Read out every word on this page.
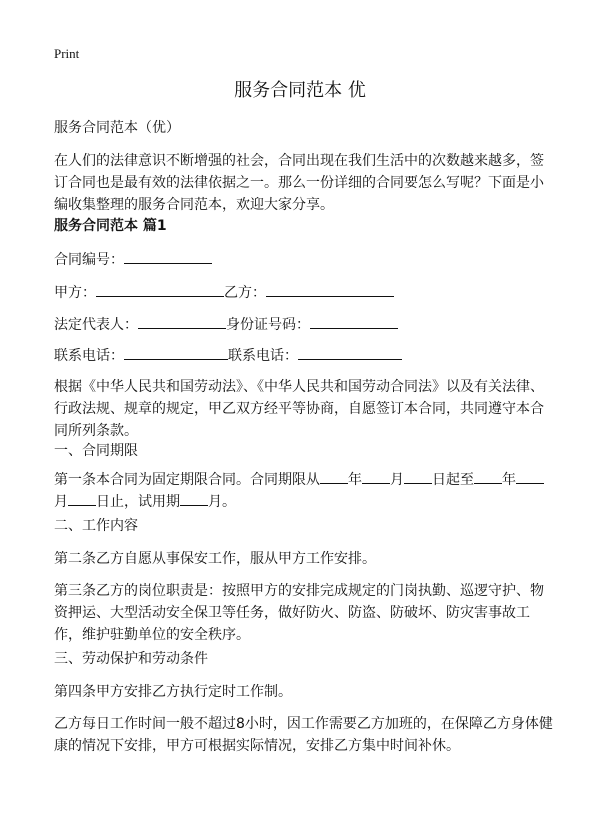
Print
服务合同范本 优

服务合同范本（优）

在人们的法律意识不断增强的社会，合同出现在我们生活中的次数越来越多，签订合同也是最有效的法律依据之一。那么一份详细的合同要怎么写呢？下面是小编收集整理的服务合同范本，欢迎大家分享。

服务合同范本 篇1

合同编号：
甲方：	乙方：
法定代表人：	身份证号码：
联系电话：	联系电话：

根据《中华人民共和国劳动法》、《中华人民共和国劳动合同法》以及有关法律、行政法规、规章的规定，甲乙双方经平等协商，自愿签订本合同，共同遵守本合同所列条款。

一、合同期限

第一条本合同为固定期限合同。合同期限从 年 月 日起至 年月 日止，试用期 月。

二、工作内容

第二条乙方自愿从事保安工作，服从甲方工作安排。

第三条乙方的岗位职责是：按照甲方的安排完成规定的门岗执勤、巡逻守护、物资押运、大型活动安全保卫等任务，做好防火、防盗、防破坏、防灾害事故工作，维护驻勤单位的安全秩序。

三、劳动保护和劳动条件

第四条甲方安排乙方执行定时工作制。

乙方每日工作时间一般不超过8小时，因工作需要乙方加班的，在保障乙方身体健康的情况下安排，甲方可根据实际情况，安排乙方集中时间补休。
